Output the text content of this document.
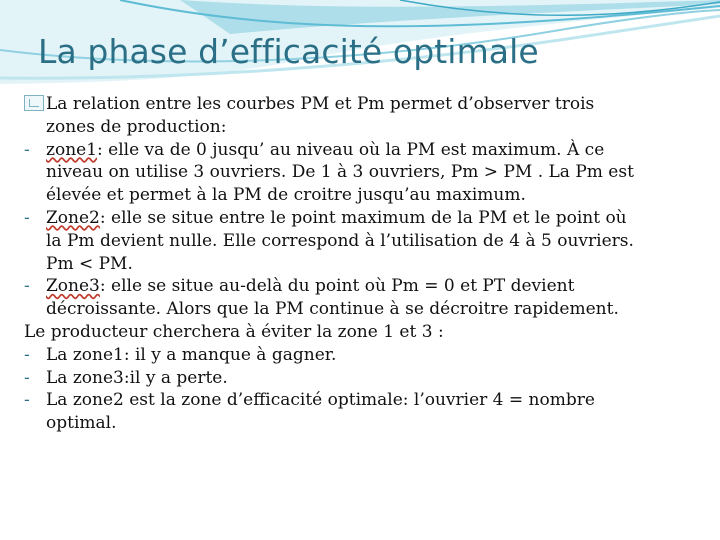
La phase d’efficacité optimale
La relation entre les courbes PM et Pm permet d’observer trois
zones de production:
- zone1: elle va de 0 jusqu’ au niveau où la PM est maximum. À ce
niveau on utilise 3 ouvriers. De 1 à 3 ouvriers, Pm > PM . La Pm est
élevée et permet à la PM de croitre jusqu’au maximum.
- Zone2: elle se situe entre le point maximum de la PM et le point où
la Pm devient nulle. Elle correspond à l’utilisation de 4 à 5 ouvriers.
Pm < PM.
- Zone3: elle se situe au-delà du point où Pm = 0 et PT devient
décroissante. Alors que la PM continue à se décroitre rapidement.
Le producteur cherchera à éviter la zone 1 et 3 :
- La zone1: il y a manque à gagner.
- La zone3:il y a perte.
- La zone2 est la zone d’efficacité optimale: l’ouvrier 4 = nombre
optimal.
